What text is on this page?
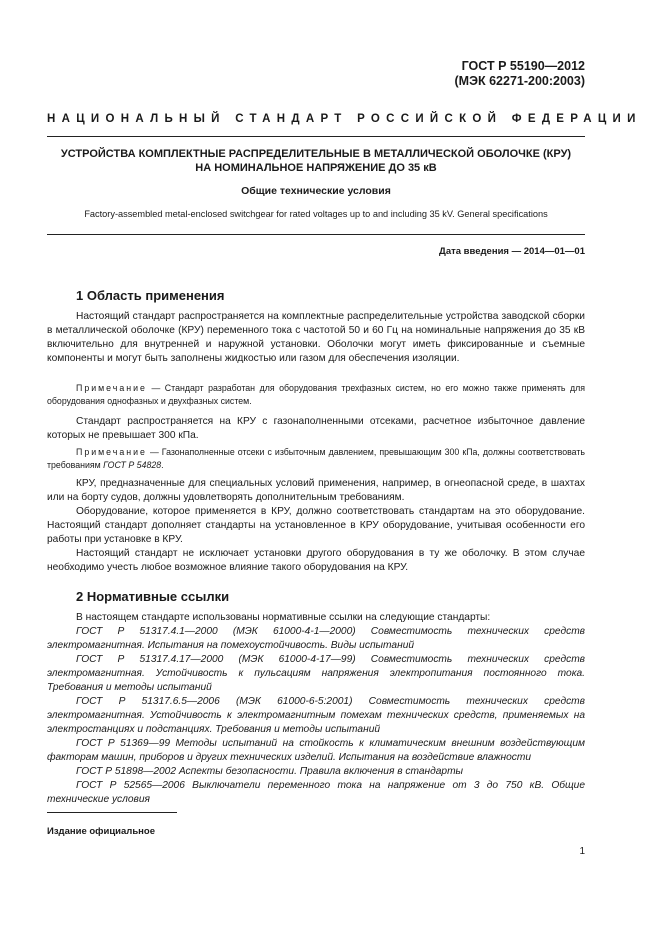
ГОСТ Р 55190—2012
(МЭК 62271-200:2003)
НАЦИОНАЛЬНЫЙ СТАНДАРТ РОССИЙСКОЙ ФЕДЕРАЦИИ
УСТРОЙСТВА КОМПЛЕКТНЫЕ РАСПРЕДЕЛИТЕЛЬНЫЕ В МЕТАЛЛИЧЕСКОЙ ОБОЛОЧКЕ (КРУ)
НА НОМИНАЛЬНОЕ НАПРЯЖЕНИЕ ДО 35 кВ
Общие технические условия
Factory-assembled metal-enclosed switchgear for rated voltages up to and including 35 kV. General specifications
Дата введения — 2014—01—01
1 Область применения

Настоящий стандарт распространяется на комплектные распределительные устройства заводской сборки в металлической оболочке (КРУ) переменного тока с частотой 50 и 60 Гц на номинальные напряжения до 35 кВ включительно для внутренней и наружной установки. Оболочки могут иметь фиксированные и съемные компоненты и могут быть заполнены жидкостью или газом для обеспечения изоляции.

Примечание — Стандарт разработан для оборудования трехфазных систем, но его можно также применять для оборудования однофазных и двухфазных систем.

Стандарт распространяется на КРУ с газонаполненными отсеками, расчетное избыточное давление которых не превышает 300 кПа.

Примечание — Газонаполненные отсеки с избыточным давлением, превышающим 300 кПа, должны соответствовать требованиям ГОСТ Р 54828.

КРУ, предназначенные для специальных условий применения, например, в огнеопасной среде, в шахтах или на борту судов, должны удовлетворять дополнительным требованиям.

Оборудование, которое применяется в КРУ, должно соответствовать стандартам на это оборудование. Настоящий стандарт дополняет стандарты на установленное в КРУ оборудование, учитывая особенности его работы при установке в КРУ.

Настоящий стандарт не исключает установки другого оборудования в ту же оболочку. В этом случае необходимо учесть любое возможное влияние такого оборудования на КРУ.

2 Нормативные ссылки

В настоящем стандарте использованы нормативные ссылки на следующие стандарты:

ГОСТ Р 51317.4.1—2000 (МЭК 61000-4-1—2000) Совместимость технических средств электромагнитная. Испытания на помехоустойчивость. Виды испытаний

ГОСТ Р 51317.4.17—2000 (МЭК 61000-4-17—99) Совместимость технических средств электромагнитная. Устойчивость к пульсациям напряжения электропитания постоянного тока. Требования и методы испытаний

ГОСТ Р 51317.6.5—2006 (МЭК 61000-6-5:2001) Совместимость технических средств электромагнитная. Устойчивость к электромагнитным помехам технических средств, применяемых на электростанциях и подстанциях. Требования и методы испытаний

ГОСТ Р 51369—99 Методы испытаний на стойкость к климатическим внешним воздействующим факторам машин, приборов и других технических изделий. Испытания на воздействие влажности

ГОСТ Р 51898—2002 Аспекты безопасности. Правила включения в стандарты

ГОСТ Р 52565—2006 Выключатели переменного тока на напряжение от 3 до 750 кВ. Общие технические условия

Издание официальное
1
